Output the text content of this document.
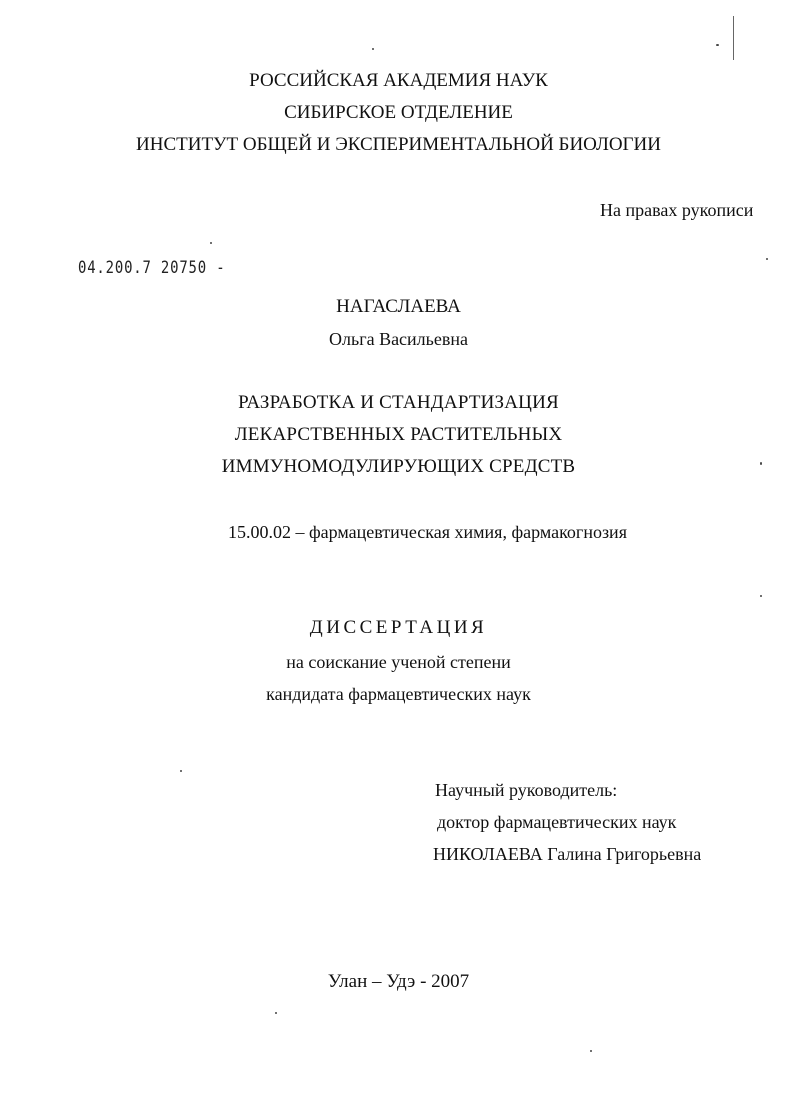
РОССИЙСКАЯ АКАДЕМИЯ НАУК
СИБИРСКОЕ ОТДЕЛЕНИЕ
ИНСТИТУТ ОБЩЕЙ И ЭКСПЕРИМЕНТАЛЬНОЙ БИОЛОГИИ
На правах рукописи
04.200.7 20750 -
НАГАСЛАЕВА
Ольга Васильевна
РАЗРАБОТКА И СТАНДАРТИЗАЦИЯ
ЛЕКАРСТВЕННЫХ РАСТИТЕЛЬНЫХ
ИММУНОМОДУЛИРУЮЩИХ СРЕДСТВ
15.00.02 – фармацевтическая химия, фармакогнозия
ДИССЕРТАЦИЯ
на соискание ученой степени
кандидата фармацевтических наук
Научный руководитель:
доктор фармацевтических наук
НИКОЛАЕВА Галина Григорьевна
Улан – Удэ - 2007
